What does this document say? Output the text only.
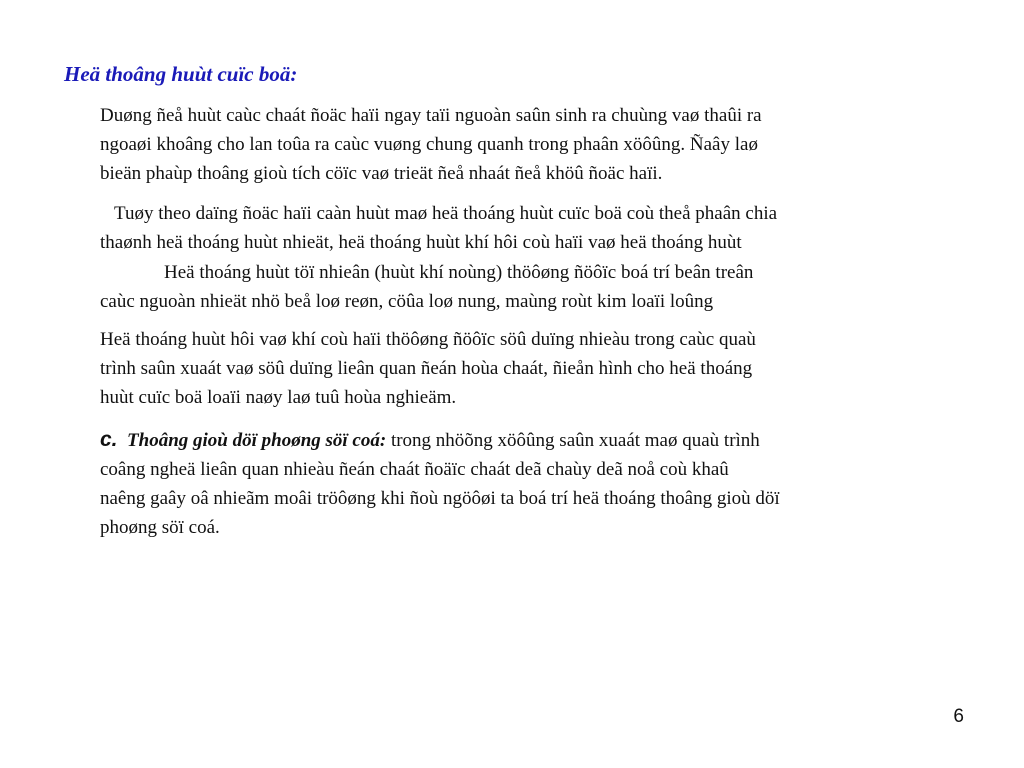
Heä thoâng huùt cuïc boä:
Duøng ñeå huùt caùc chaát ñoäc haïi ngay taïi nguoàn saûn sinh ra chuùng vaø thaûi ra
ngoaøi khoâng cho lan toûa ra caùc vuøng chung quanh trong phaân xöôûng. Ñaây laø
bieän phaùp thoâng gioù tích cöïc vaø trieät ñeå nhaát ñeå khöû ñoäc haïi.
Tuøy theo daïng ñoäc haïi caàn huùt maø heä thoáng huùt cuïc boä coù theå phaân chia
thaønh heä thoáng huùt nhieät, heä thoáng huùt khí hôi coù haïi vaø heä thoáng huùt
Heä thoáng huùt töï nhieân (huùt khí noùng) thöôøng ñöôïc boá trí beân treân
caùc nguoàn nhieät nhö beå loø reøn, cöûa loø nung, maùng roùt kim loaïi loûng
Heä thoáng huùt hôi vaø khí coù haïi thöôøng ñöôïc söû duïng nhieàu trong caùc quaù
trình saûn xuaát vaø söû duïng lieân quan ñeán hoùa chaát, ñieån hình cho heä thoáng
huùt cuïc boä loaïi naøy laø tuû hoùa nghieäm.
c. Thoâng gioù döï phoøng söï coá: trong nhöõng xöôûng saûn xuaát maø quaù trình
coâng ngheä lieân quan nhieàu ñeán chaát ñoäïc chaát deã chaùy deã noå coù khaû
naêng gaây oâ nhieãm moâi tröôøng khi ñoù ngöôøi ta boá trí heä thoáng thoâng gioù döï
phoøng söï coá.
6
